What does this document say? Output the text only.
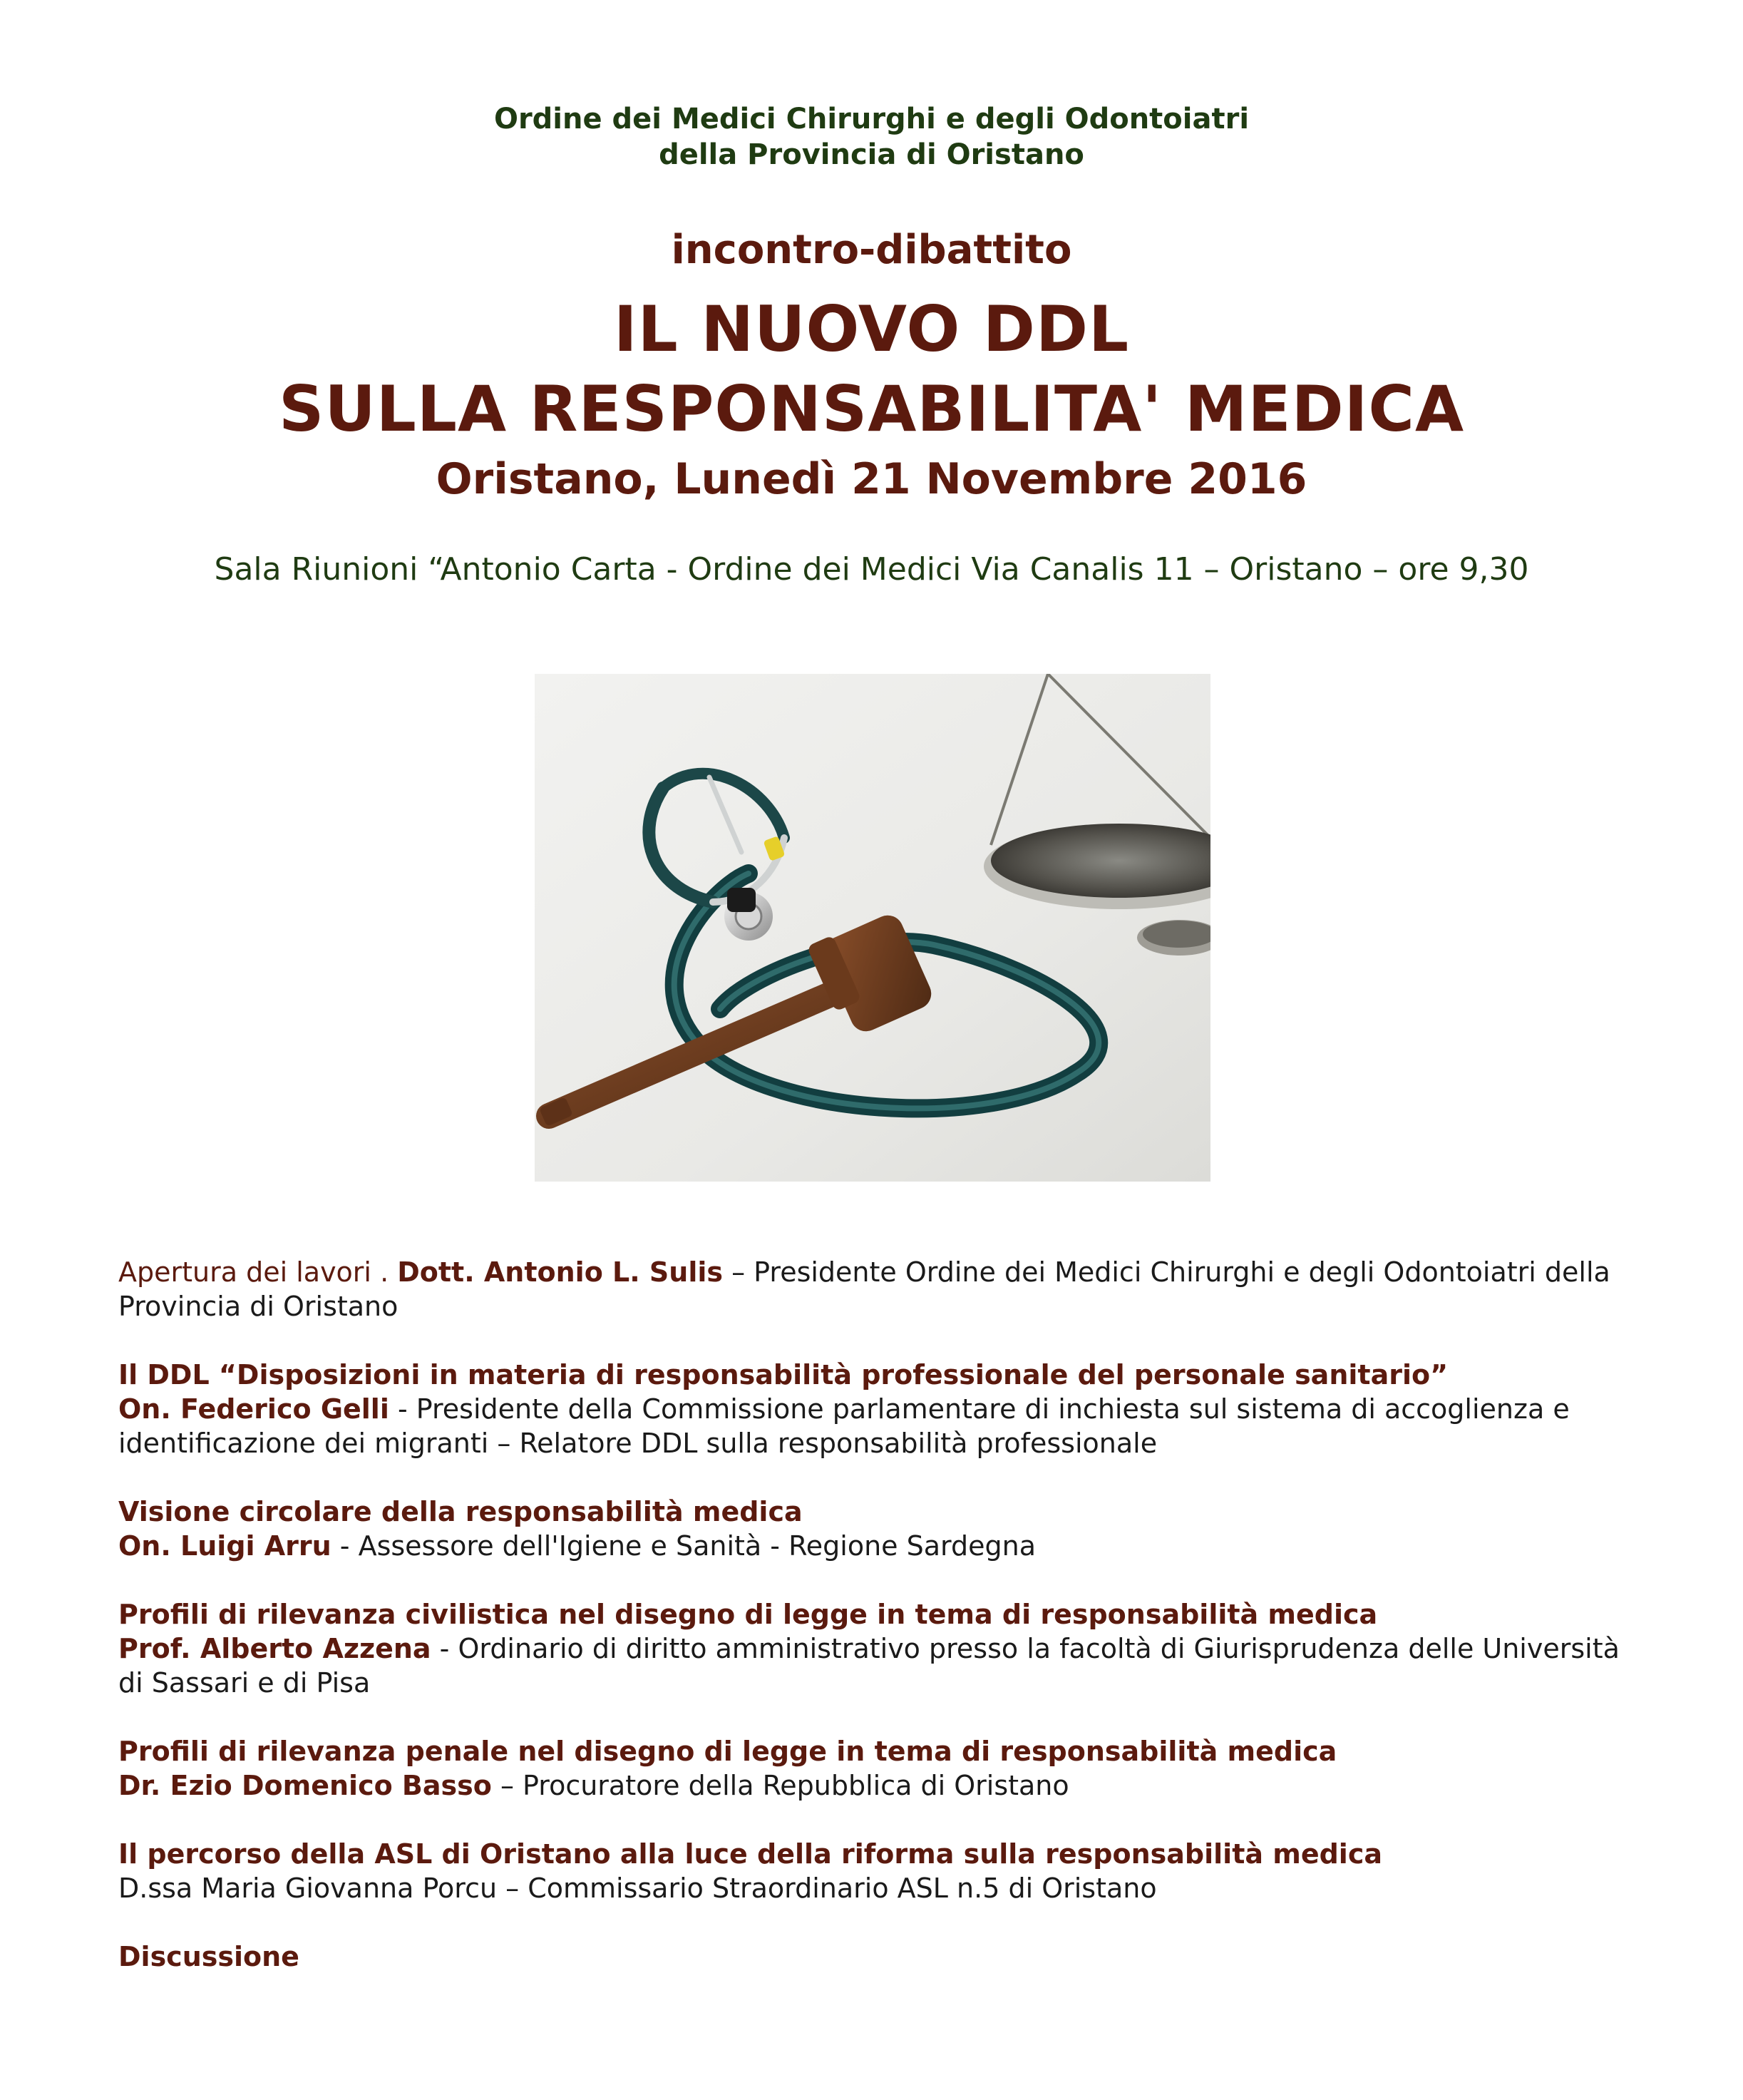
Ordine dei Medici Chirurghi e degli Odontoiatri
della Provincia di Oristano
incontro-dibattito
IL NUOVO DDL
SULLA RESPONSABILITA' MEDICA
Oristano, Lunedì 21 Novembre 2016
Sala Riunioni “Antonio Carta - Ordine dei Medici Via Canalis 11 – Oristano – ore 9,30
Apertura dei lavori . Dott. Antonio L. Sulis – Presidente Ordine dei Medici Chirurghi e degli Odontoiatri della Provincia di Oristano
Il DDL “Disposizioni in materia di responsabilità professionale del personale sanitario”
On. Federico Gelli - Presidente della Commissione parlamentare di inchiesta sul sistema di accoglienza e identificazione dei migranti – Relatore DDL sulla responsabilità professionale
Visione circolare della responsabilità medica
On. Luigi Arru - Assessore dell'Igiene e Sanità - Regione Sardegna
Profili di rilevanza civilistica nel disegno di legge in tema di responsabilità medica
Prof. Alberto Azzena - Ordinario di diritto amministrativo presso la facoltà di Giurisprudenza delle Università di Sassari e di Pisa
Profili di rilevanza penale nel disegno di legge in tema di responsabilità medica
Dr. Ezio Domenico Basso – Procuratore della Repubblica di Oristano
Il percorso della ASL di Oristano alla luce della riforma sulla responsabilità medica
D.ssa Maria Giovanna Porcu – Commissario Straordinario ASL n.5 di Oristano
Discussione
